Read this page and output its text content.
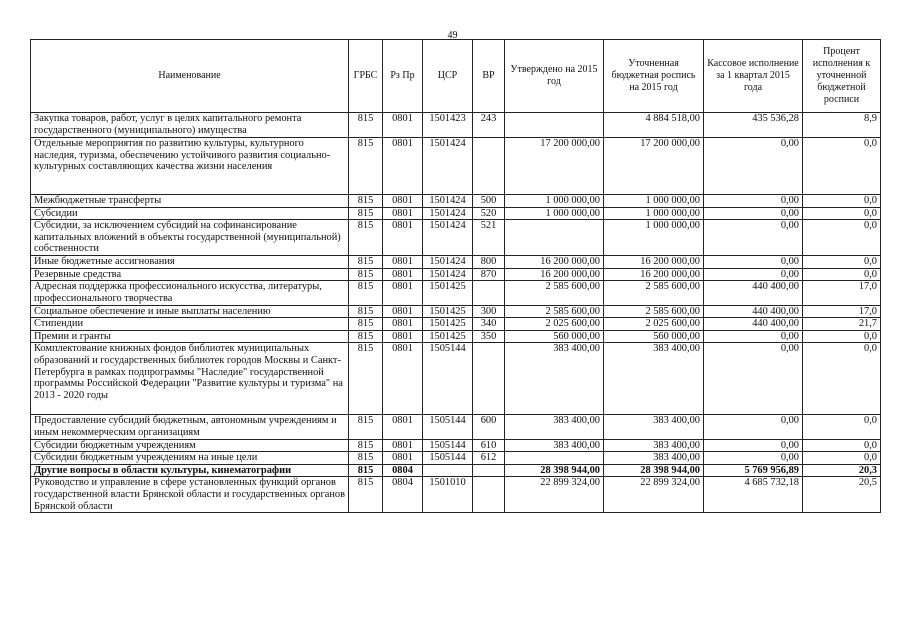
49
Наименование	ГРБС	Рз Пр	ЦСР	ВР	Утверждено на 2015 год	Уточненная бюджетная роспись на 2015 год	Кассовое исполнение за 1 квартал 2015 года	Процент исполнения к уточненной бюджетной росписи
Закупка товаров, работ, услуг в целях капитального ремонта государственного (муниципального) имущества	815	0801	1501423	243		4 884 518,00	435 536,28	8,9
Отдельные мероприятия по развитию культуры, культурного наследия, туризма, обеспечению устойчивого развития социально-культурных составляющих качества жизни населения	815	0801	1501424		17 200 000,00	17 200 000,00	0,00	0,0
Межбюджетные трансферты	815	0801	1501424	500	1 000 000,00	1 000 000,00	0,00	0,0
Субсидии	815	0801	1501424	520	1 000 000,00	1 000 000,00	0,00	0,0
Субсидии, за исключением субсидий на софинансирование капитальных вложений в объекты государственной (муниципальной) собственности	815	0801	1501424	521		1 000 000,00	0,00	0,0
Иные бюджетные ассигнования	815	0801	1501424	800	16 200 000,00	16 200 000,00	0,00	0,0
Резервные средства	815	0801	1501424	870	16 200 000,00	16 200 000,00	0,00	0,0
Адресная поддержка профессионального искусства, литературы, профессионального творчества	815	0801	1501425		2 585 600,00	2 585 600,00	440 400,00	17,0
Социальное обеспечение и иные выплаты населению	815	0801	1501425	300	2 585 600,00	2 585 600,00	440 400,00	17,0
Стипендии	815	0801	1501425	340	2 025 600,00	2 025 600,00	440 400,00	21,7
Премии и гранты	815	0801	1501425	350	560 000,00	560 000,00	0,00	0,0
Комплектование книжных фондов библиотек муниципальных образований и государственных библиотек городов Москвы и Санкт-Петербурга в рамках подпрограммы "Наследие" государственной программы Российской Федерации "Развитие культуры и туризма" на 2013 - 2020 годы	815	0801	1505144		383 400,00	383 400,00	0,00	0,0
Предоставление субсидий бюджетным, автономным учреждениям и иным некоммерческим организациям	815	0801	1505144	600	383 400,00	383 400,00	0,00	0,0
Субсидии бюджетным учреждениям	815	0801	1505144	610	383 400,00	383 400,00	0,00	0,0
Субсидии бюджетным учреждениям на иные цели	815	0801	1505144	612		383 400,00	0,00	0,0
Другие вопросы в области культуры, кинематографии	815	0804			28 398 944,00	28 398 944,00	5 769 956,89	20,3
Руководство и управление в сфере установленных функций органов государственной власти Брянской области и государственных органов Брянской области	815	0804	1501010		22 899 324,00	22 899 324,00	4 685 732,18	20,5
